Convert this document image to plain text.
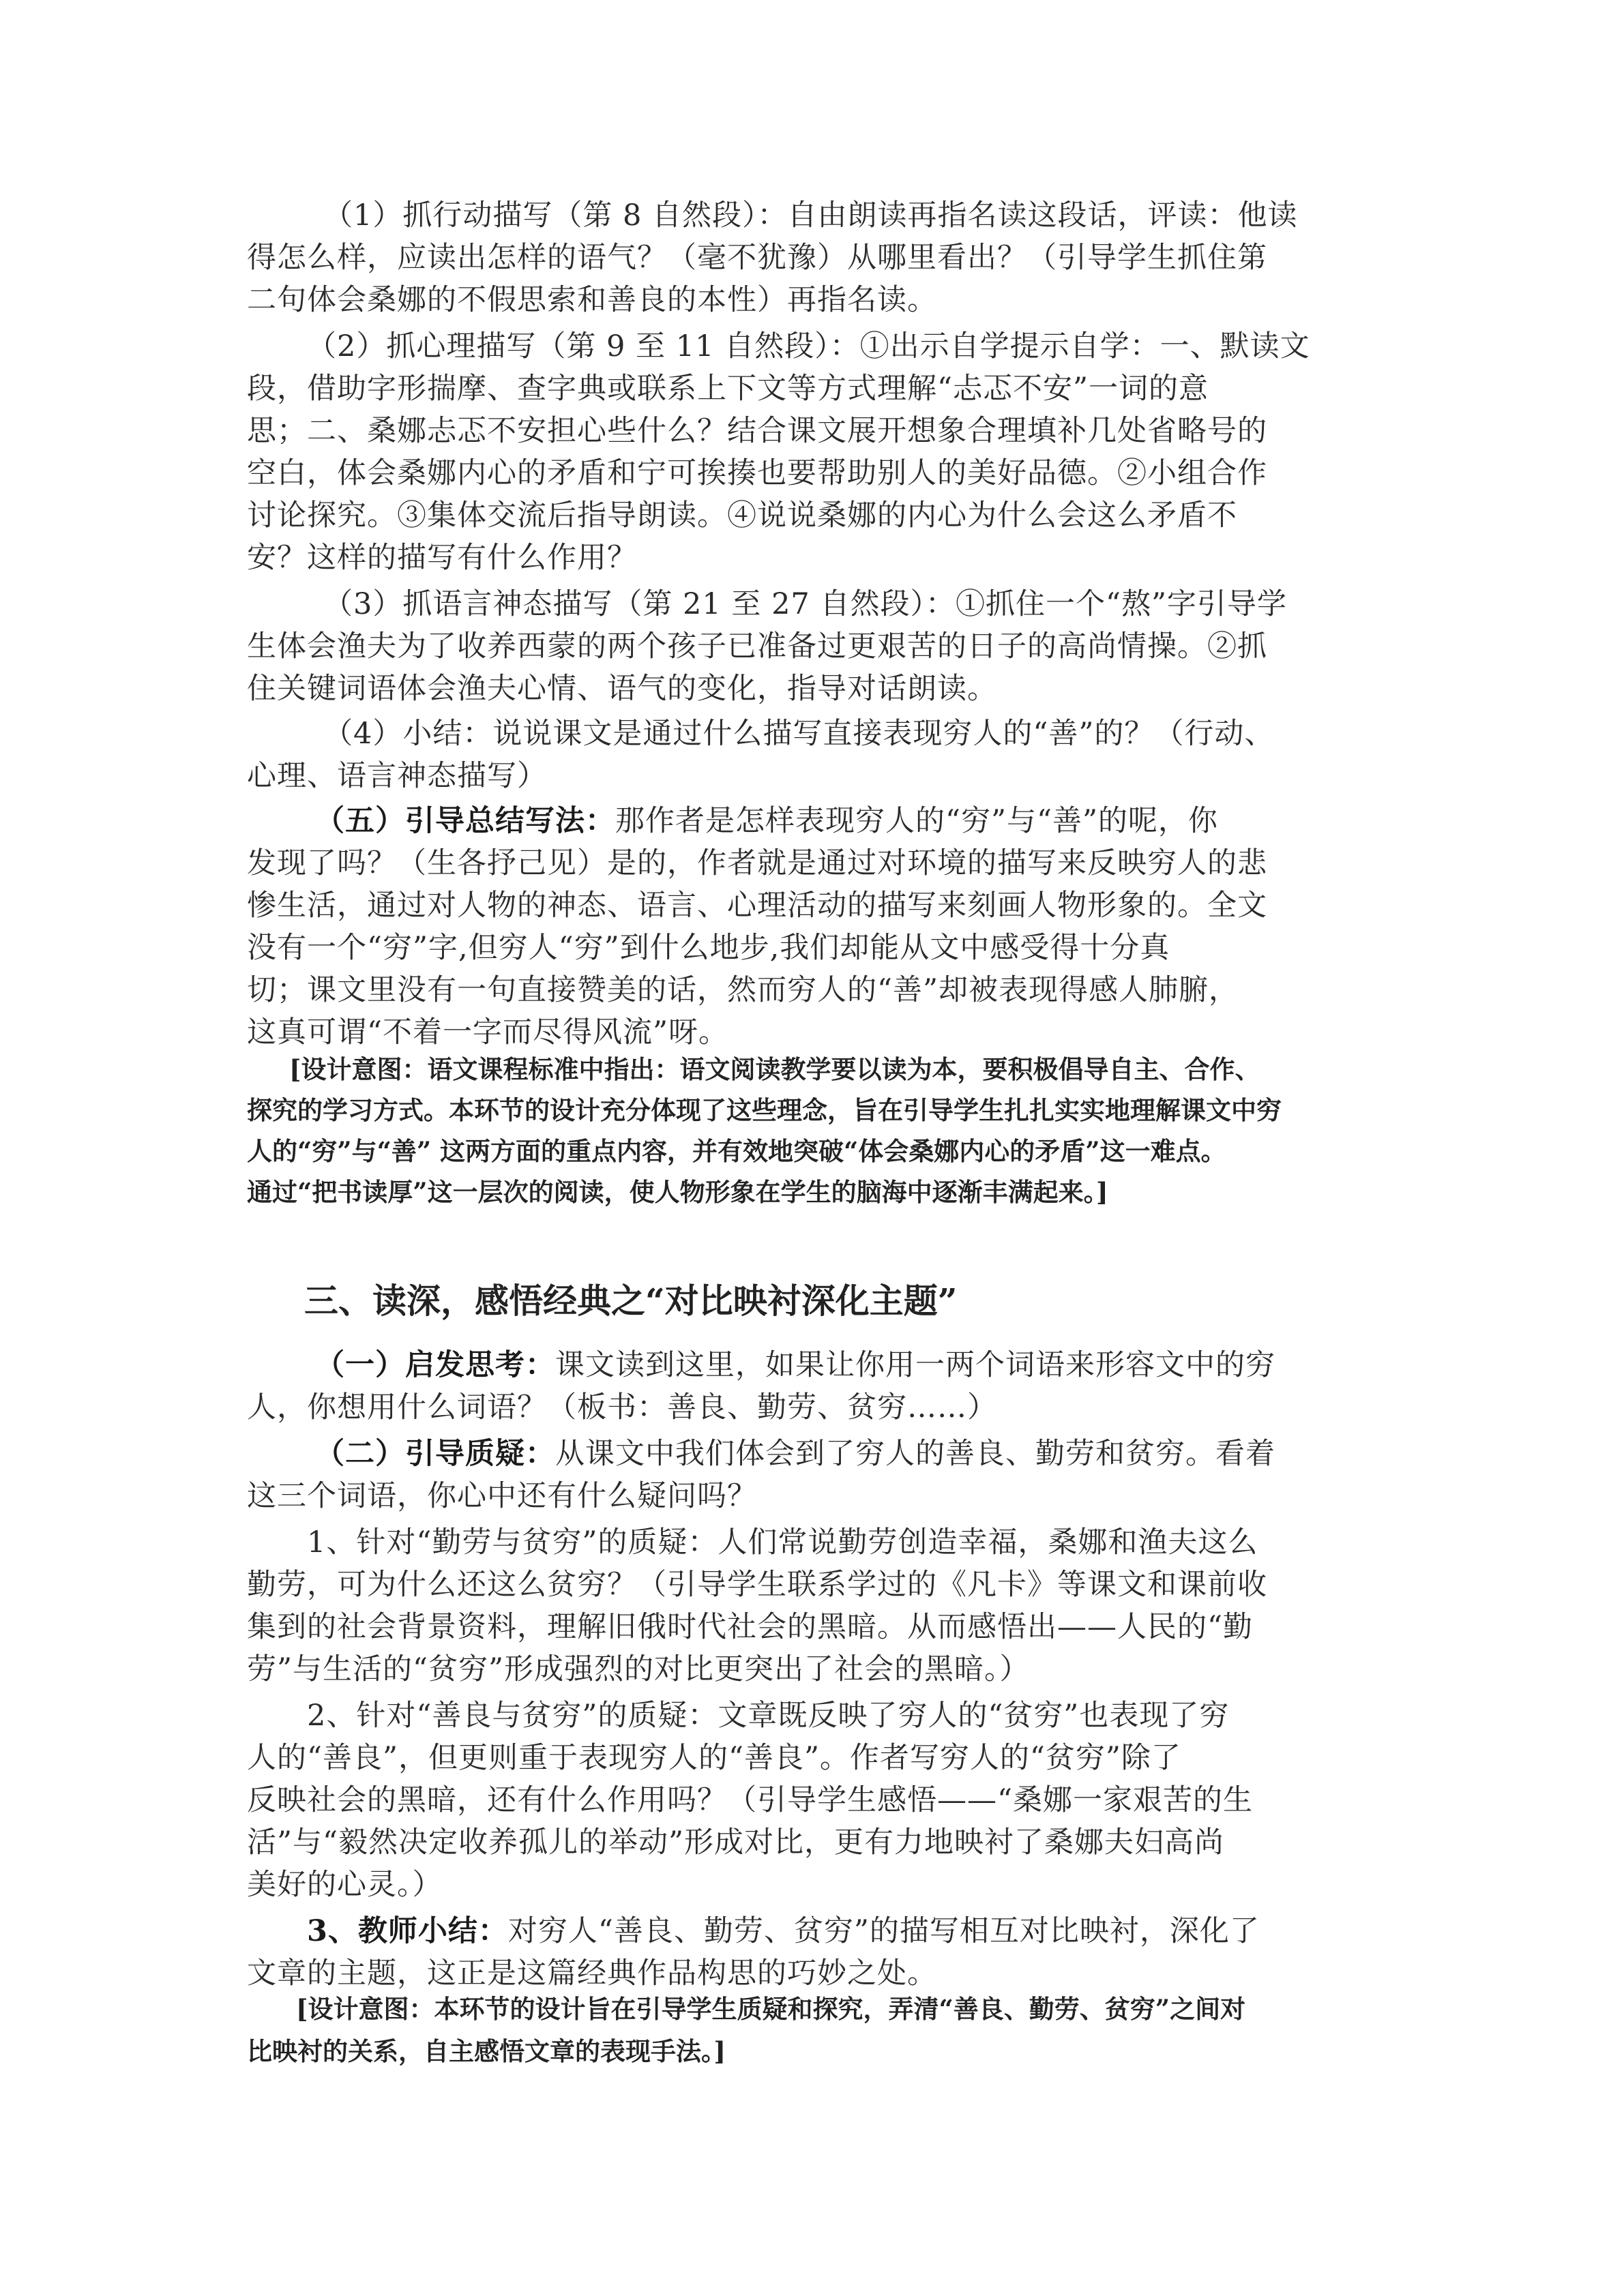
（1）抓行动描写（第 8 自然段）：自由朗读再指名读这段话，评读：他读
得怎么样，应读出怎样的语气？（毫不犹豫）从哪里看出？（引导学生抓住第
二句体会桑娜的不假思索和善良的本性）再指名读。
（2）抓心理描写（第 9 至 11 自然段）：①出示自学提示自学：一、默读文
段，借助字形揣摩、查字典或联系上下文等方式理解“忐忑不安”一词的意
思；二、桑娜忐忑不安担心些什么？结合课文展开想象合理填补几处省略号的
空白，体会桑娜内心的矛盾和宁可挨揍也要帮助别人的美好品德。②小组合作
讨论探究。③集体交流后指导朗读。④说说桑娜的内心为什么会这么矛盾不
安？这样的描写有什么作用？
（3）抓语言神态描写（第 21 至 27 自然段）：①抓住一个“熬”字引导学
生体会渔夫为了收养西蒙的两个孩子已准备过更艰苦的日子的高尚情操。②抓
住关键词语体会渔夫心情、语气的变化，指导对话朗读。
（4）小结：说说课文是通过什么描写直接表现穷人的“善”的？（行动、
心理、语言神态描写）
（五）引导总结写法：那作者是怎样表现穷人的“穷”与“善”的呢，你
发现了吗？（生各抒己见）是的，作者就是通过对环境的描写来反映穷人的悲
惨生活，通过对人物的神态、语言、心理活动的描写来刻画人物形象的。全文
没有一个“穷”字,但穷人“穷”到什么地步,我们却能从文中感受得十分真
切；课文里没有一句直接赞美的话，然而穷人的“善”却被表现得感人肺腑，
这真可谓“不着一字而尽得风流”呀。
[设计意图：语文课程标准中指出：语文阅读教学要以读为本，要积极倡导自主、合作、
探究的学习方式。本环节的设计充分体现了这些理念，旨在引导学生扎扎实实地理解课文中穷
人的“穷”与“善” 这两方面的重点内容，并有效地突破“体会桑娜内心的矛盾”这一难点。
通过“把书读厚”这一层次的阅读，使人物形象在学生的脑海中逐渐丰满起来。]
三、读深，感悟经典之“对比映衬深化主题”
（一）启发思考：课文读到这里，如果让你用一两个词语来形容文中的穷
人，你想用什么词语？（板书：善良、勤劳、贫穷……）
（二）引导质疑：从课文中我们体会到了穷人的善良、勤劳和贫穷。看着
这三个词语，你心中还有什么疑问吗？
1、针对“勤劳与贫穷”的质疑：人们常说勤劳创造幸福，桑娜和渔夫这么
勤劳，可为什么还这么贫穷？（引导学生联系学过的《凡卡》等课文和课前收
集到的社会背景资料，理解旧俄时代社会的黑暗。从而感悟出——人民的“勤
劳”与生活的“贫穷”形成强烈的对比更突出了社会的黑暗。）
2、针对“善良与贫穷”的质疑：文章既反映了穷人的“贫穷”也表现了穷
人的“善良”，但更则重于表现穷人的“善良”。作者写穷人的“贫穷”除了
反映社会的黑暗，还有什么作用吗？（引导学生感悟——“桑娜一家艰苦的生
活”与“毅然决定收养孤儿的举动”形成对比，更有力地映衬了桑娜夫妇高尚
美好的心灵。）
3、教师小结：对穷人“善良、勤劳、贫穷”的描写相互对比映衬，深化了
文章的主题，这正是这篇经典作品构思的巧妙之处。
[设计意图：本环节的设计旨在引导学生质疑和探究，弄清“善良、勤劳、贫穷”之间对
比映衬的关系，自主感悟文章的表现手法。]
